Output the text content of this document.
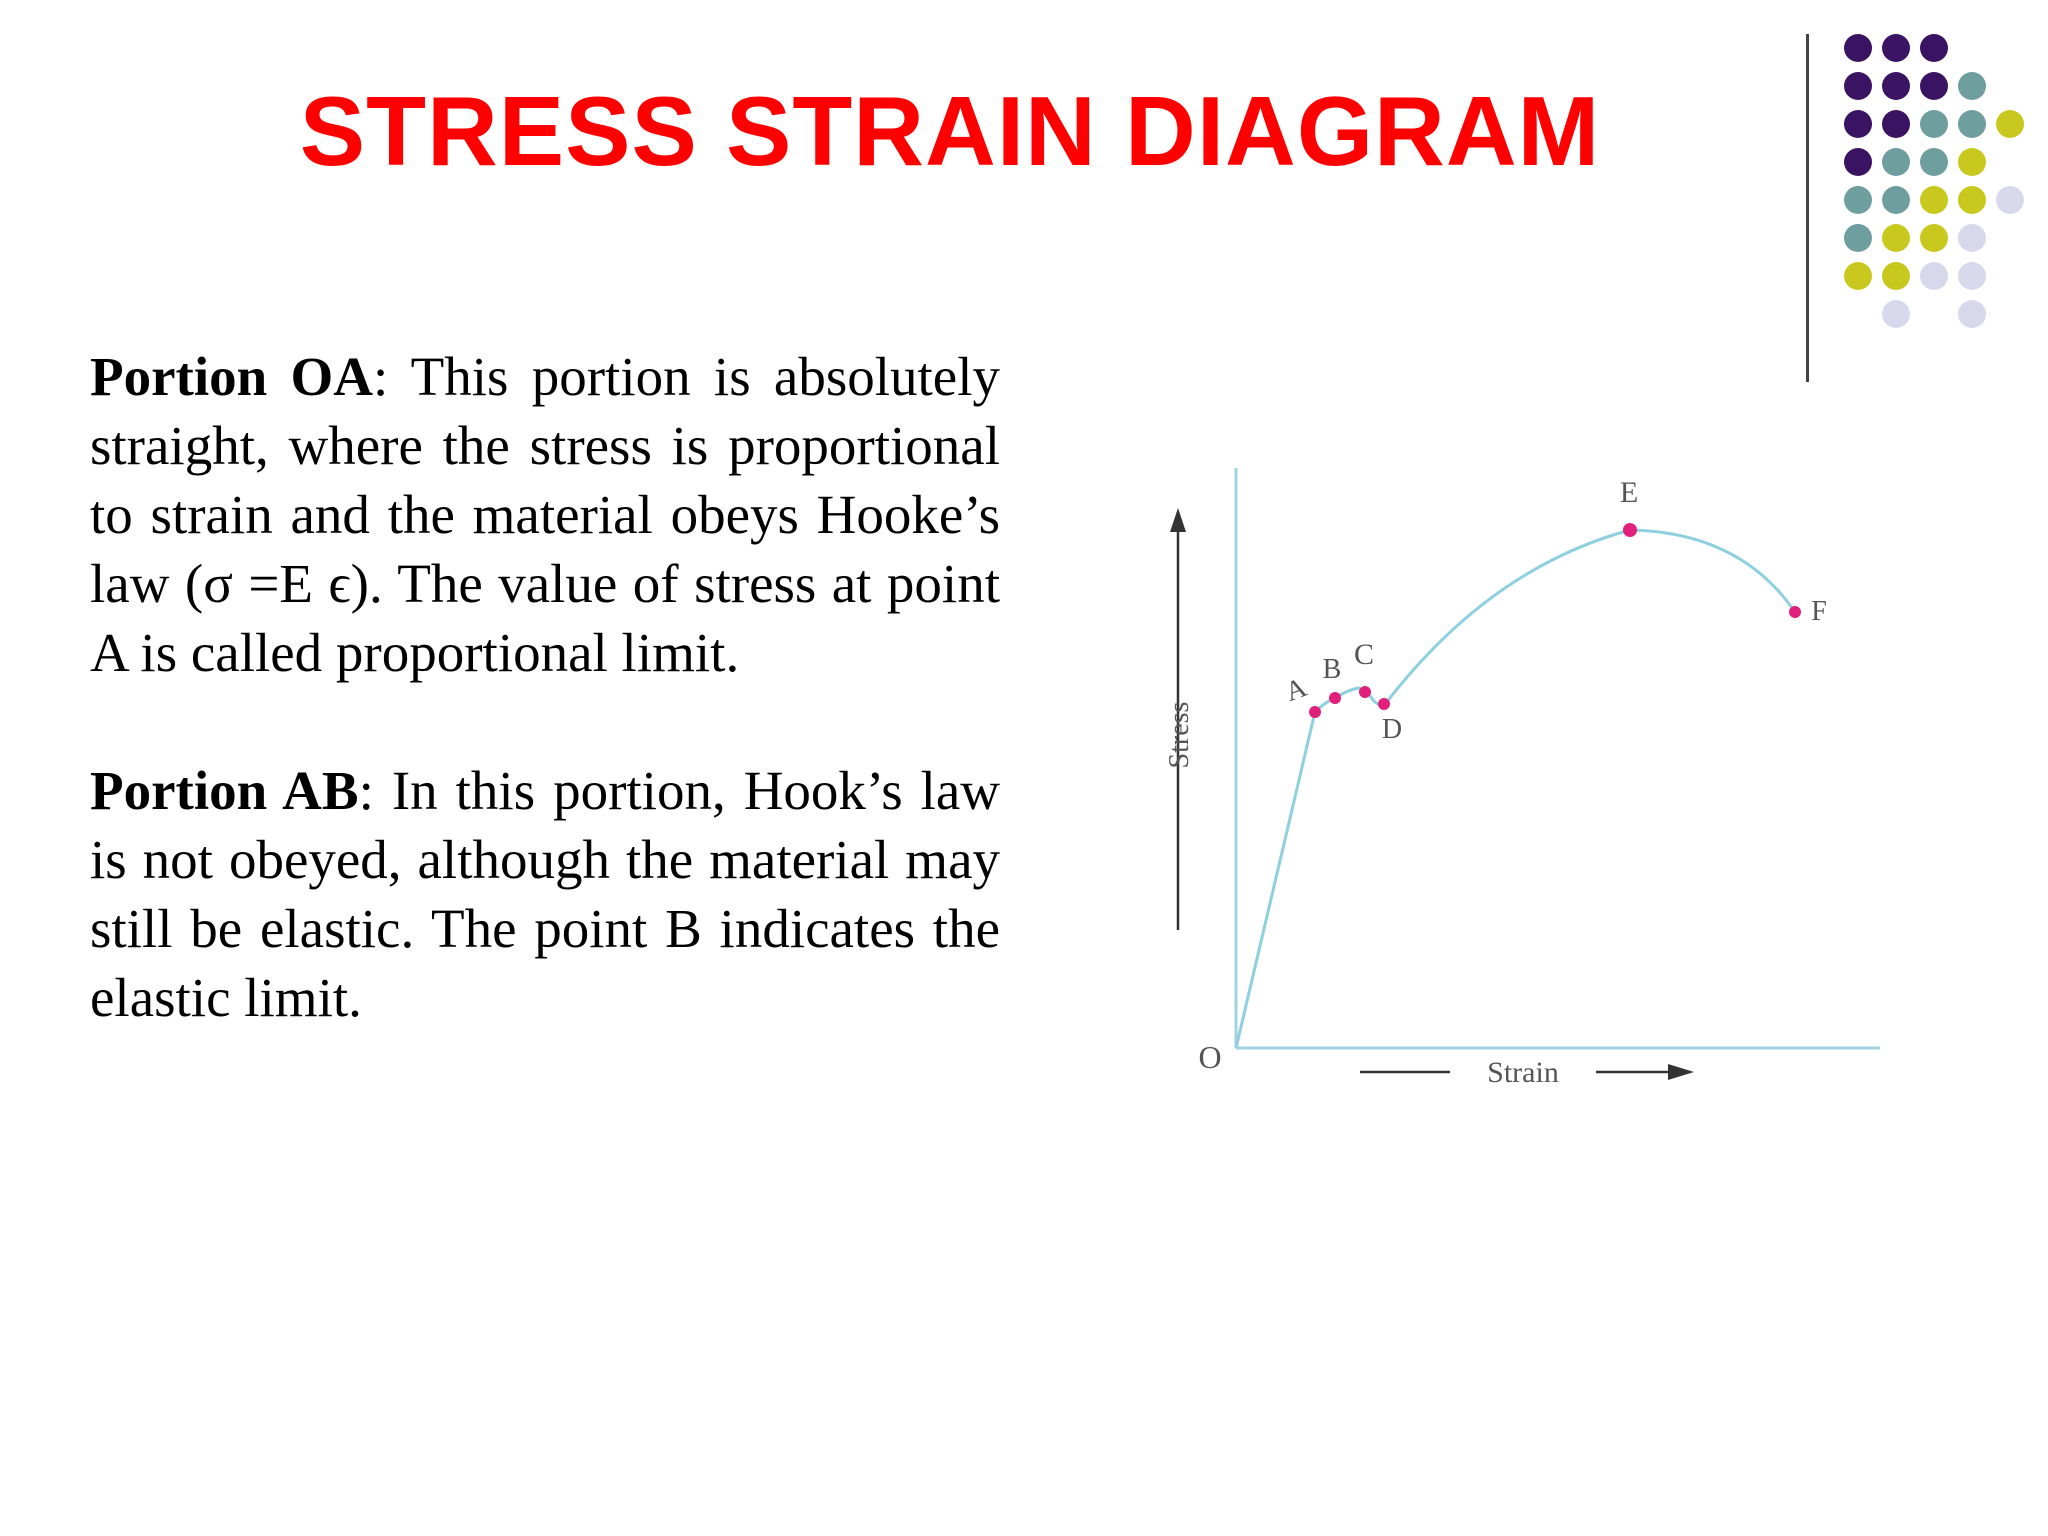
STRESS STRAIN DIAGRAM

Portion OA: This portion is absolutely straight, where the stress is proportional to strain and the material obeys Hooke’s law (σ =E ϵ). The value of stress at point A is called proportional limit.

Portion AB: In this portion, Hook’s law is not obeyed, although the material may still be elastic. The point B indicates the elastic limit.

Stress
Strain
O
A
B C
D
E
F
